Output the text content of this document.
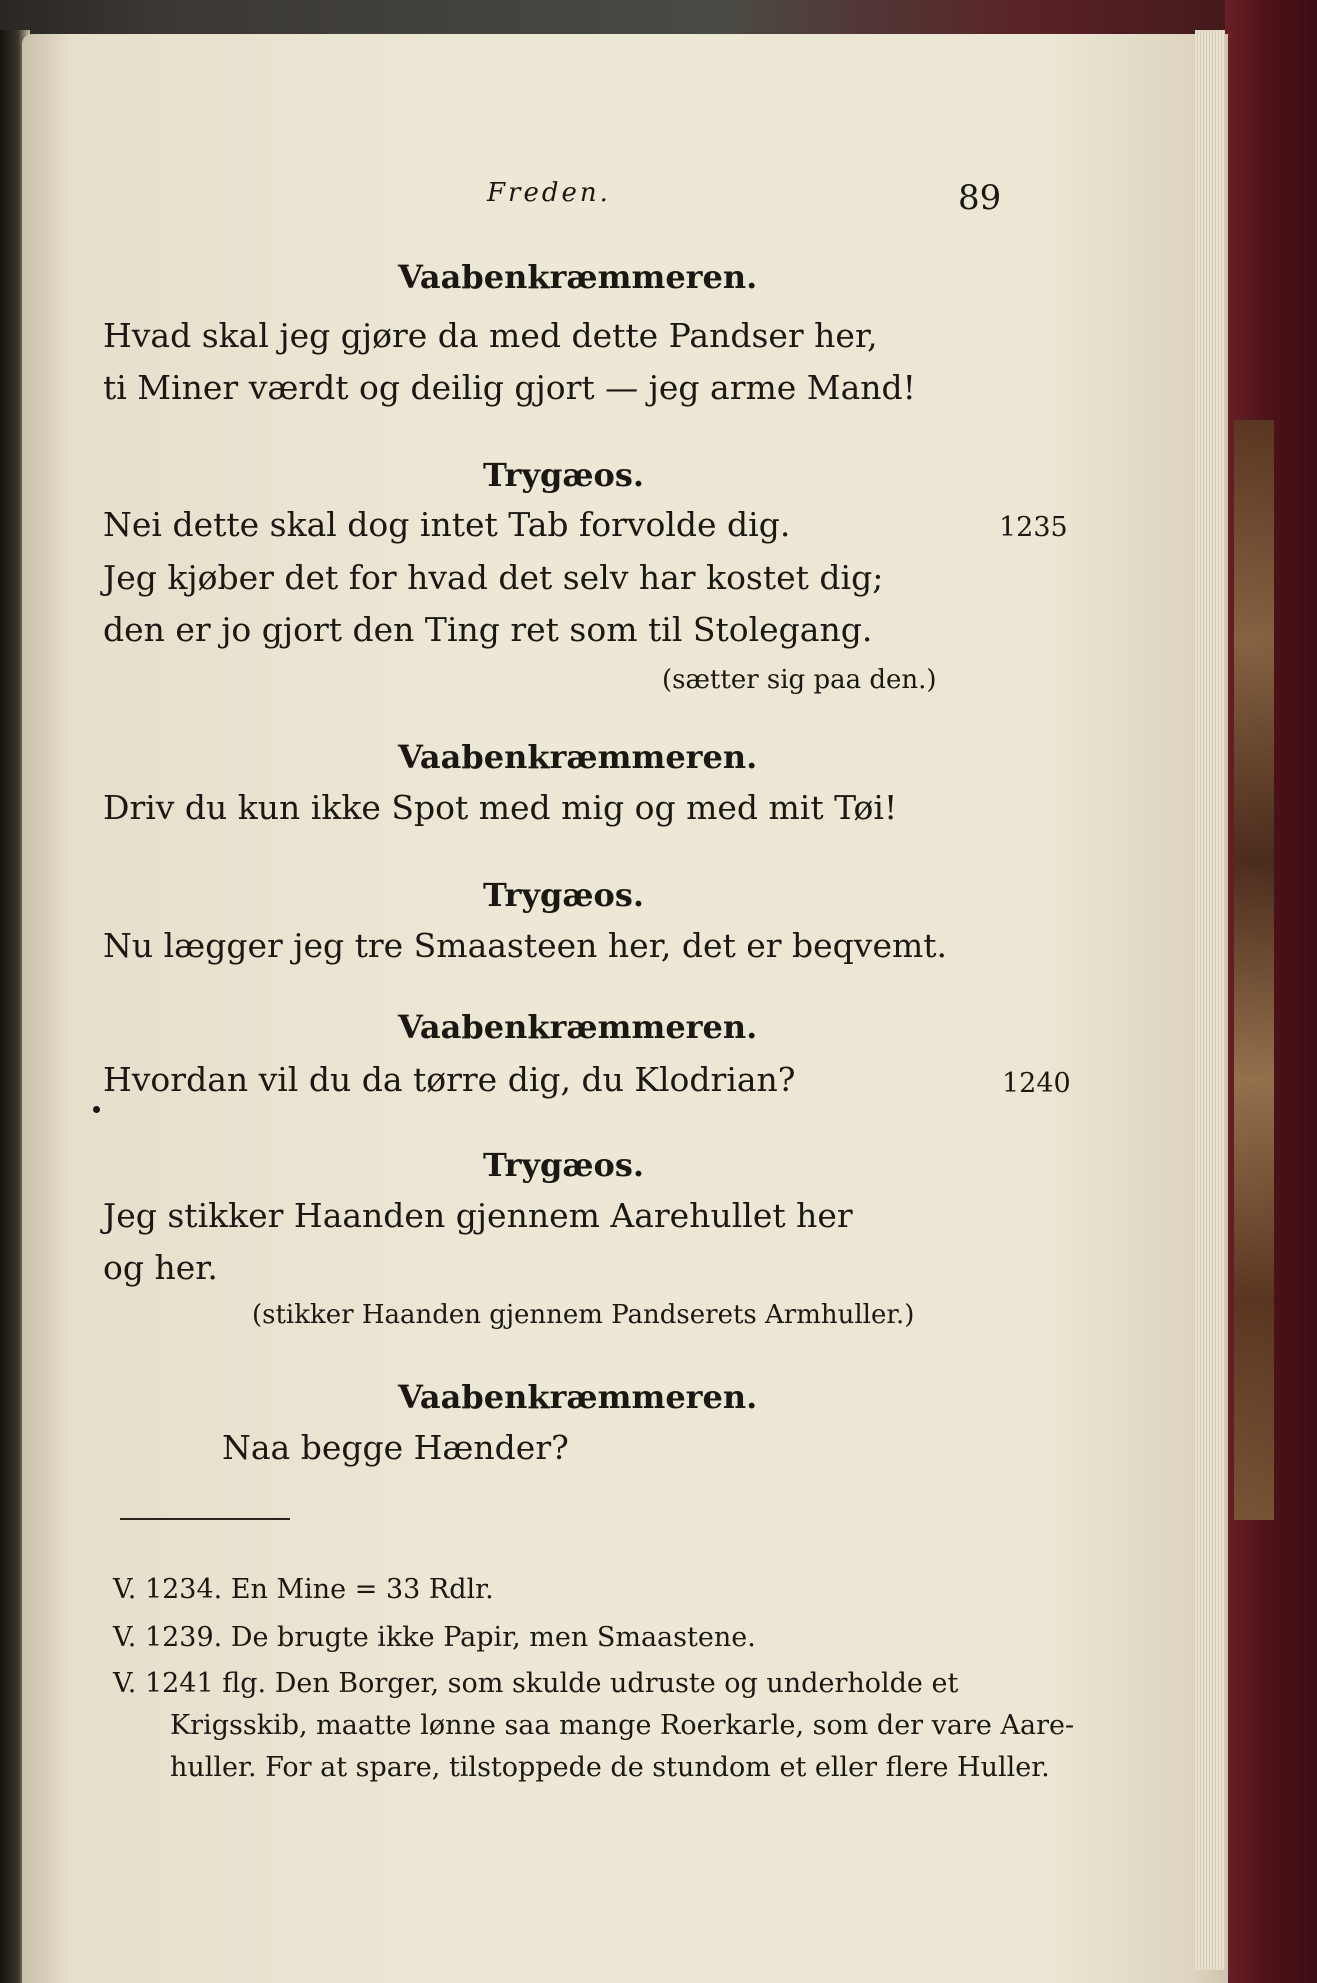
Freden.	89
Vaabenkræmmeren.
Hvad skal jeg gjøre da med dette Pandser her,
ti Miner værdt og deilig gjort — jeg arme Mand!
Trygæos.
Nei dette skal dog intet Tab forvolde dig.	1235
Jeg kjøber det for hvad det selv har kostet dig;
den er jo gjort den Ting ret som til Stolegang.
(sætter sig paa den.)
Vaabenkræmmeren.
Driv du kun ikke Spot med mig og med mit Tøi!
Trygæos.
Nu lægger jeg tre Smaasteen her, det er beqvemt.
Vaabenkræmmeren.
Hvordan vil du da tørre dig, du Klodrian?	1240
Trygæos.
Jeg stikker Haanden gjennem Aarehullet her
og her.
(stikker Haanden gjennem Pandserets Armhuller.)
Vaabenkræmmeren.
Naa begge Hænder?
V. 1234. En Mine = 33 Rdlr.
V. 1239. De brugte ikke Papir, men Smaastene.
V. 1241 flg. Den Borger, som skulde udruste og underholde et
Krigsskib, maatte lønne saa mange Roerkarle, som der vare Aare-
huller. For at spare, tilstoppede de stundom et eller flere Huller.
